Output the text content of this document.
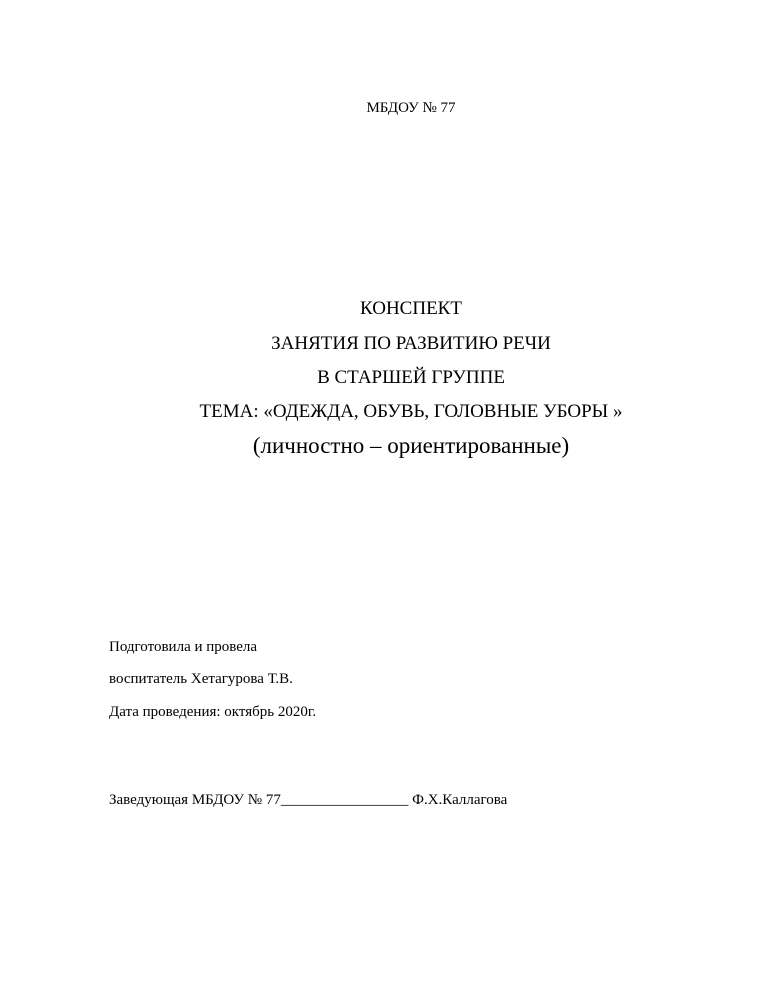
МБДОУ № 77
КОНСПЕКТ
ЗАНЯТИЯ ПО РАЗВИТИЮ РЕЧИ
В СТАРШЕЙ ГРУППЕ
ТЕМА: «ОДЕЖДА, ОБУВЬ, ГОЛОВНЫЕ УБОРЫ »
(личностно – ориентированные)
Подготовила и провела
воспитатель Хетагурова Т.В.
Дата проведения: октябрь 2020г.
Заведующая МБДОУ № 77_________________ Ф.Х.Каллагова
